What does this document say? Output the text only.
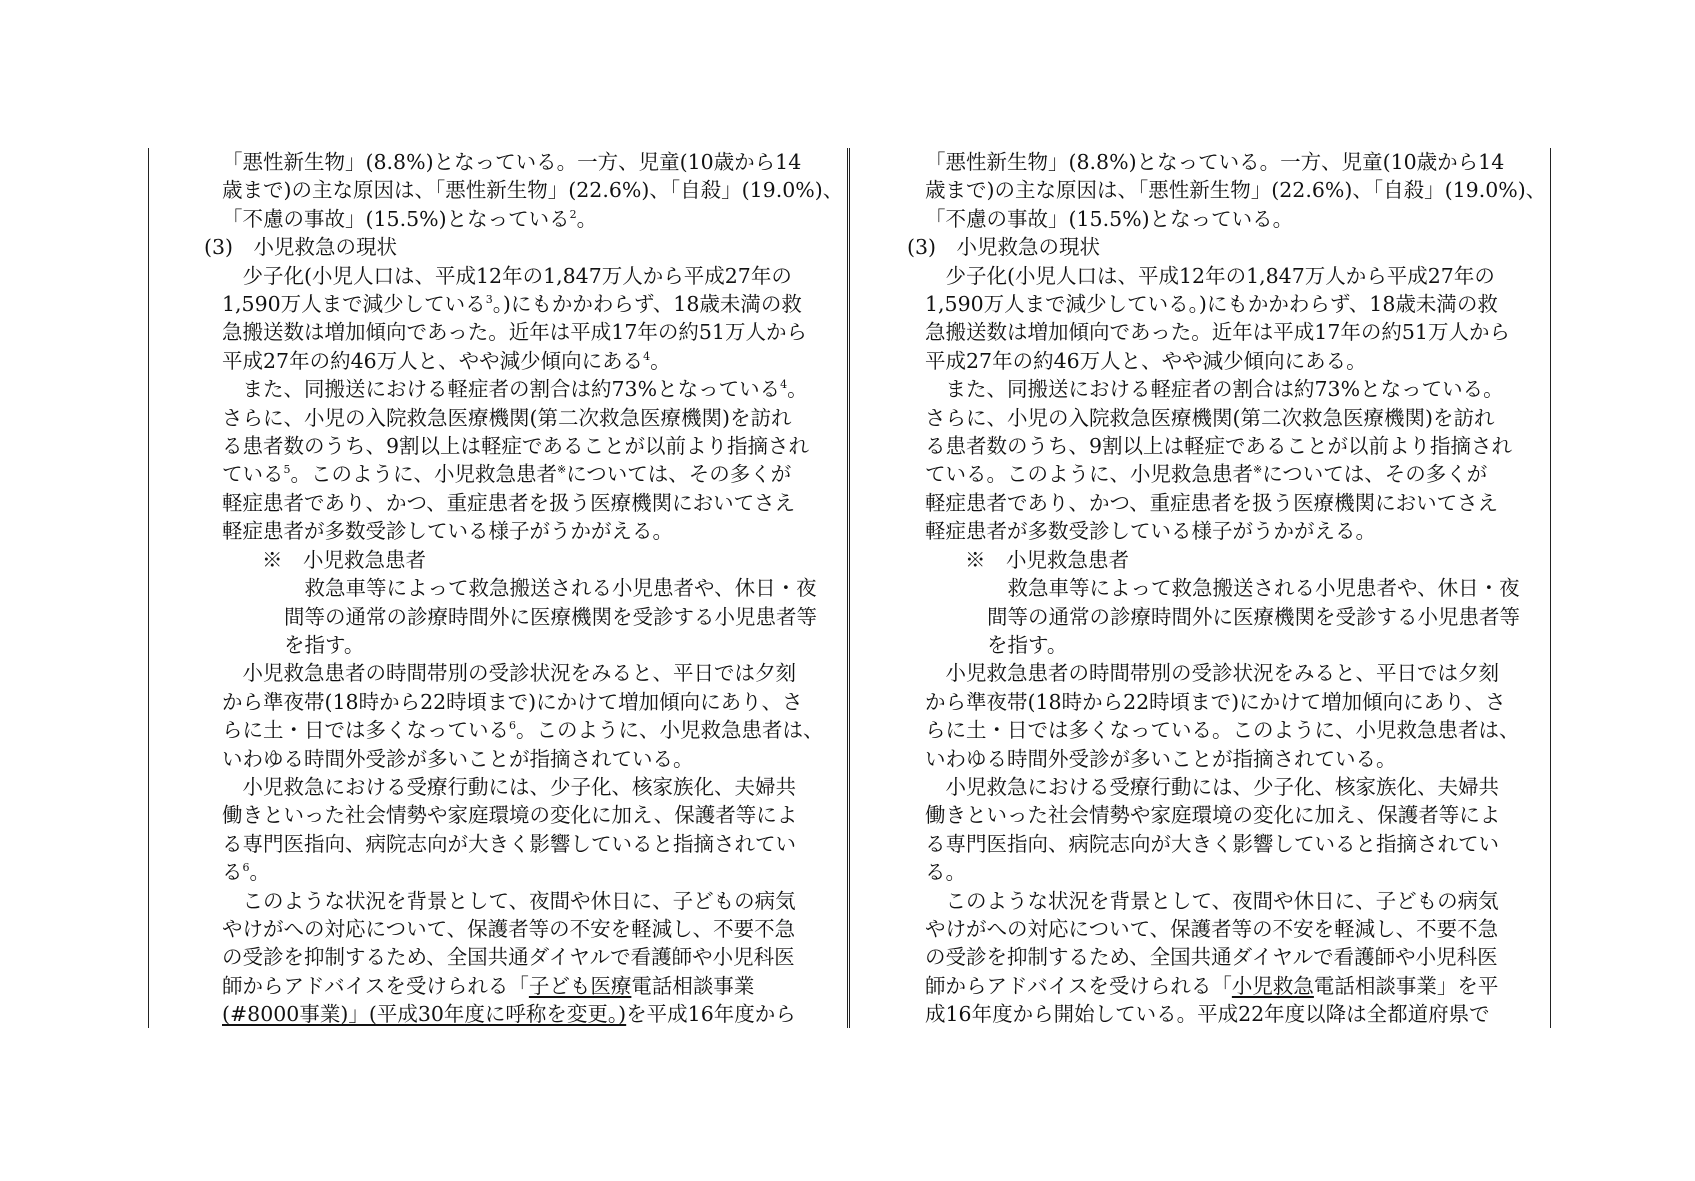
「悪性新生物」(8.8%)となっている。一方、児童(10歳から14

歳まで)の主な原因は、「悪性新生物」(22.6%)、「自殺」(19.0%)、

「不慮の事故」(15.5%)となっている$^2$。

(3)　小児救急の現状

　少子化(小児人口は、平成12年の1,847万人から平成27年の

1,590万人まで減少している$^3$。)にもかかわらず、18歳未満の救

急搬送数は増加傾向であった。近年は平成17年の約51万人から

平成27年の約46万人と、やや減少傾向にある$^4$。

　また、同搬送における軽症者の割合は約73%となっている$^4$。

さらに、小児の入院救急医療機関(第二次救急医療機関)を訪れ

る患者数のうち、9割以上は軽症であることが以前より指摘され

ている$^5$。このように、小児救急患者※については、その多くが

軽症患者であり、かつ、重症患者を扱う医療機関においてさえ

軽症患者が多数受診している様子がうかがえる。

※　小児救急患者

　救急車等によって救急搬送される小児患者や、休日・夜

間等の通常の診療時間外に医療機関を受診する小児患者等

を指す。

　小児救急患者の時間帯別の受診状況をみると、平日では夕刻

から準夜帯(18時から22時頃まで)にかけて増加傾向にあり、さ

らに土・日では多くなっている$^6$。このように、小児救急患者は、

いわゆる時間外受診が多いことが指摘されている。

　小児救急における受療行動には、少子化、核家族化、夫婦共

働きといった社会情勢や家庭環境の変化に加え、保護者等によ

る専門医指向、病院志向が大きく影響していると指摘されてい

る$^6$。

　このような状況を背景として、夜間や休日に、子どもの病気

やけがへの対応について、保護者等の不安を軽減し、不要不急

の受診を抑制するため、全国共通ダイヤルで看護師や小児科医

師からアドバイスを受けられる「子ども医療電話相談事業

(#8000事業)」(平成30年度に呼称を変更。)を平成16年度から

「悪性新生物」(8.8%)となっている。一方、児童(10歳から14

歳まで)の主な原因は、「悪性新生物」(22.6%)、「自殺」(19.0%)、

「不慮の事故」(15.5%)となっている。

(3)　小児救急の現状

　少子化(小児人口は、平成12年の1,847万人から平成27年の

1,590万人まで減少している。)にもかかわらず、18歳未満の救

急搬送数は増加傾向であった。近年は平成17年の約51万人から

平成27年の約46万人と、やや減少傾向にある。

　また、同搬送における軽症者の割合は約73%となっている。

さらに、小児の入院救急医療機関(第二次救急医療機関)を訪れ

る患者数のうち、9割以上は軽症であることが以前より指摘され

ている。このように、小児救急患者※については、その多くが

軽症患者であり、かつ、重症患者を扱う医療機関においてさえ

軽症患者が多数受診している様子がうかがえる。

※　小児救急患者

　救急車等によって救急搬送される小児患者や、休日・夜

間等の通常の診療時間外に医療機関を受診する小児患者等

を指す。

　小児救急患者の時間帯別の受診状況をみると、平日では夕刻

から準夜帯(18時から22時頃まで)にかけて増加傾向にあり、さ

らに土・日では多くなっている。このように、小児救急患者は、

いわゆる時間外受診が多いことが指摘されている。

　小児救急における受療行動には、少子化、核家族化、夫婦共

働きといった社会情勢や家庭環境の変化に加え、保護者等によ

る専門医指向、病院志向が大きく影響していると指摘されてい

る。

　このような状況を背景として、夜間や休日に、子どもの病気

やけがへの対応について、保護者等の不安を軽減し、不要不急

の受診を抑制するため、全国共通ダイヤルで看護師や小児科医

師からアドバイスを受けられる「小児救急電話相談事業」を平

成16年度から開始している。平成22年度以降は全都道府県で
